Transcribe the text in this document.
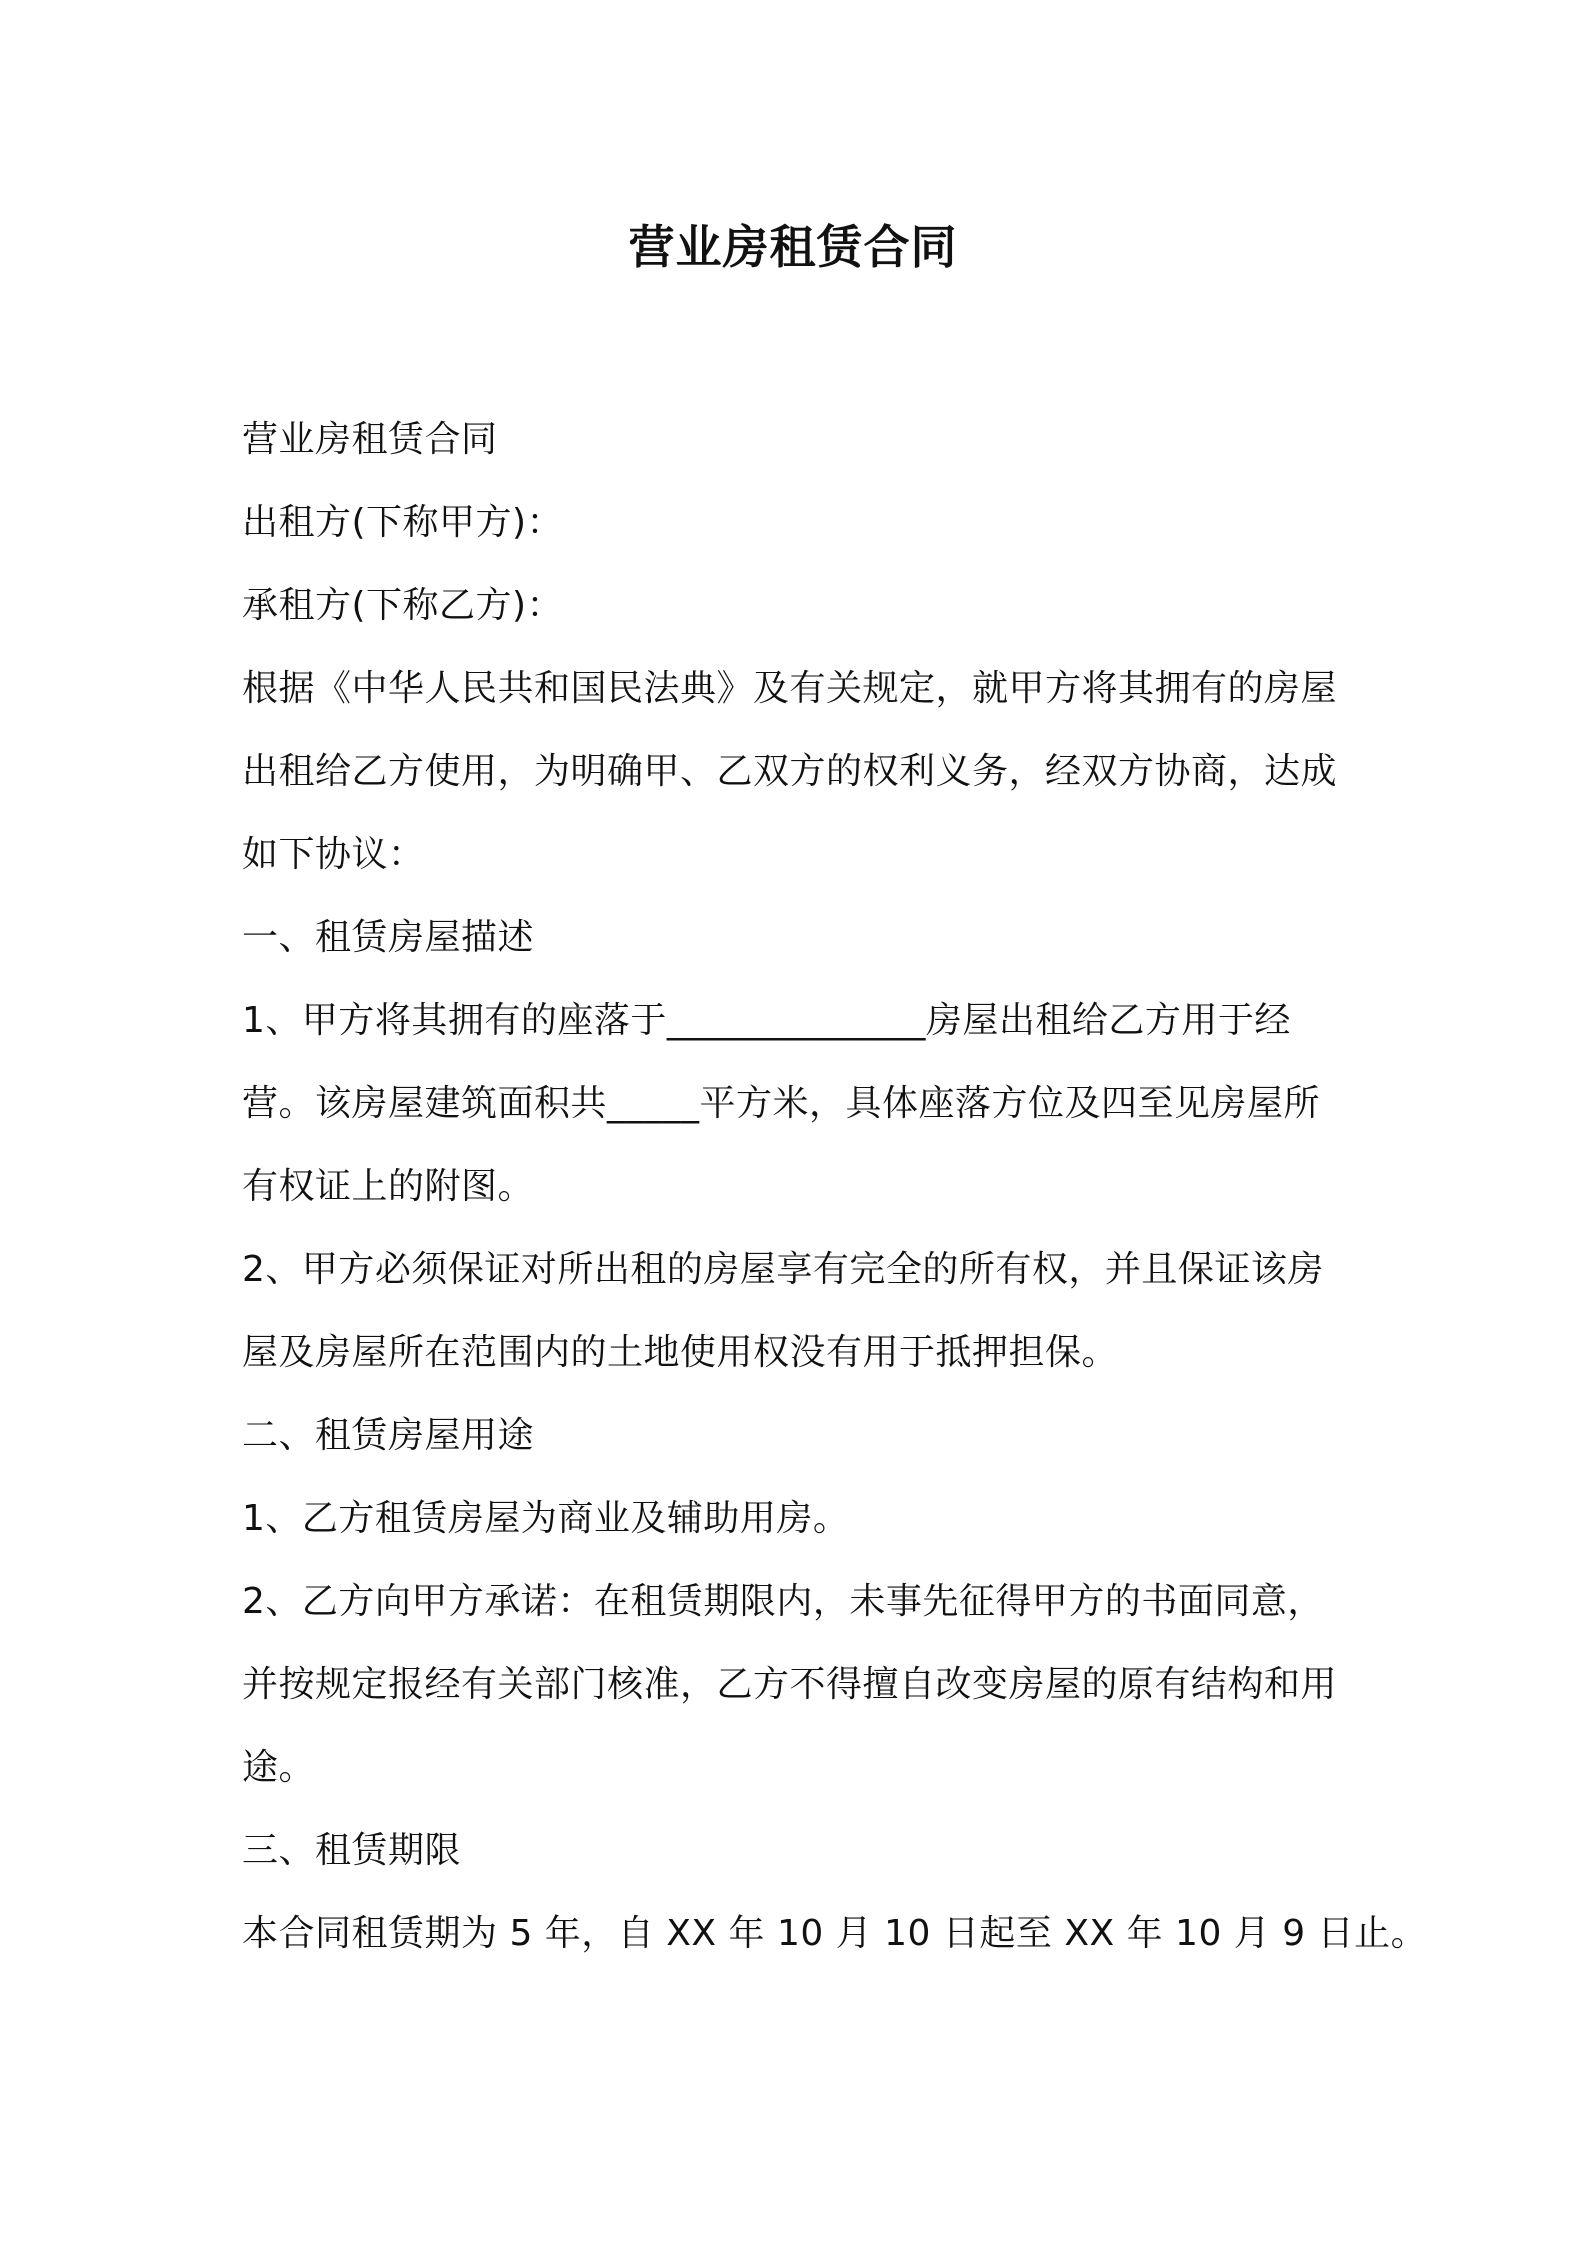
营业房租赁合同
营业房租赁合同
出租方(下称甲方)：
承租方(下称乙方)：
根据《中华人民共和国民法典》及有关规定，就甲方将其拥有的房屋
出租给乙方使用，为明确甲、乙双方的权利义务，经双方协商，达成
如下协议：
一、租赁房屋描述
1、甲方将其拥有的座落于______________房屋出租给乙方用于经
营。该房屋建筑面积共_____平方米，具体座落方位及四至见房屋所
有权证上的附图。
2、甲方必须保证对所出租的房屋享有完全的所有权，并且保证该房
屋及房屋所在范围内的土地使用权没有用于抵押担保。
二、租赁房屋用途
1、乙方租赁房屋为商业及辅助用房。
2、乙方向甲方承诺：在租赁期限内，未事先征得甲方的书面同意，
并按规定报经有关部门核准，乙方不得擅自改变房屋的原有结构和用
途。
三、租赁期限
本合同租赁期为 5 年，自 XX 年 10 月 10 日起至 XX 年 10 月 9 日止。
